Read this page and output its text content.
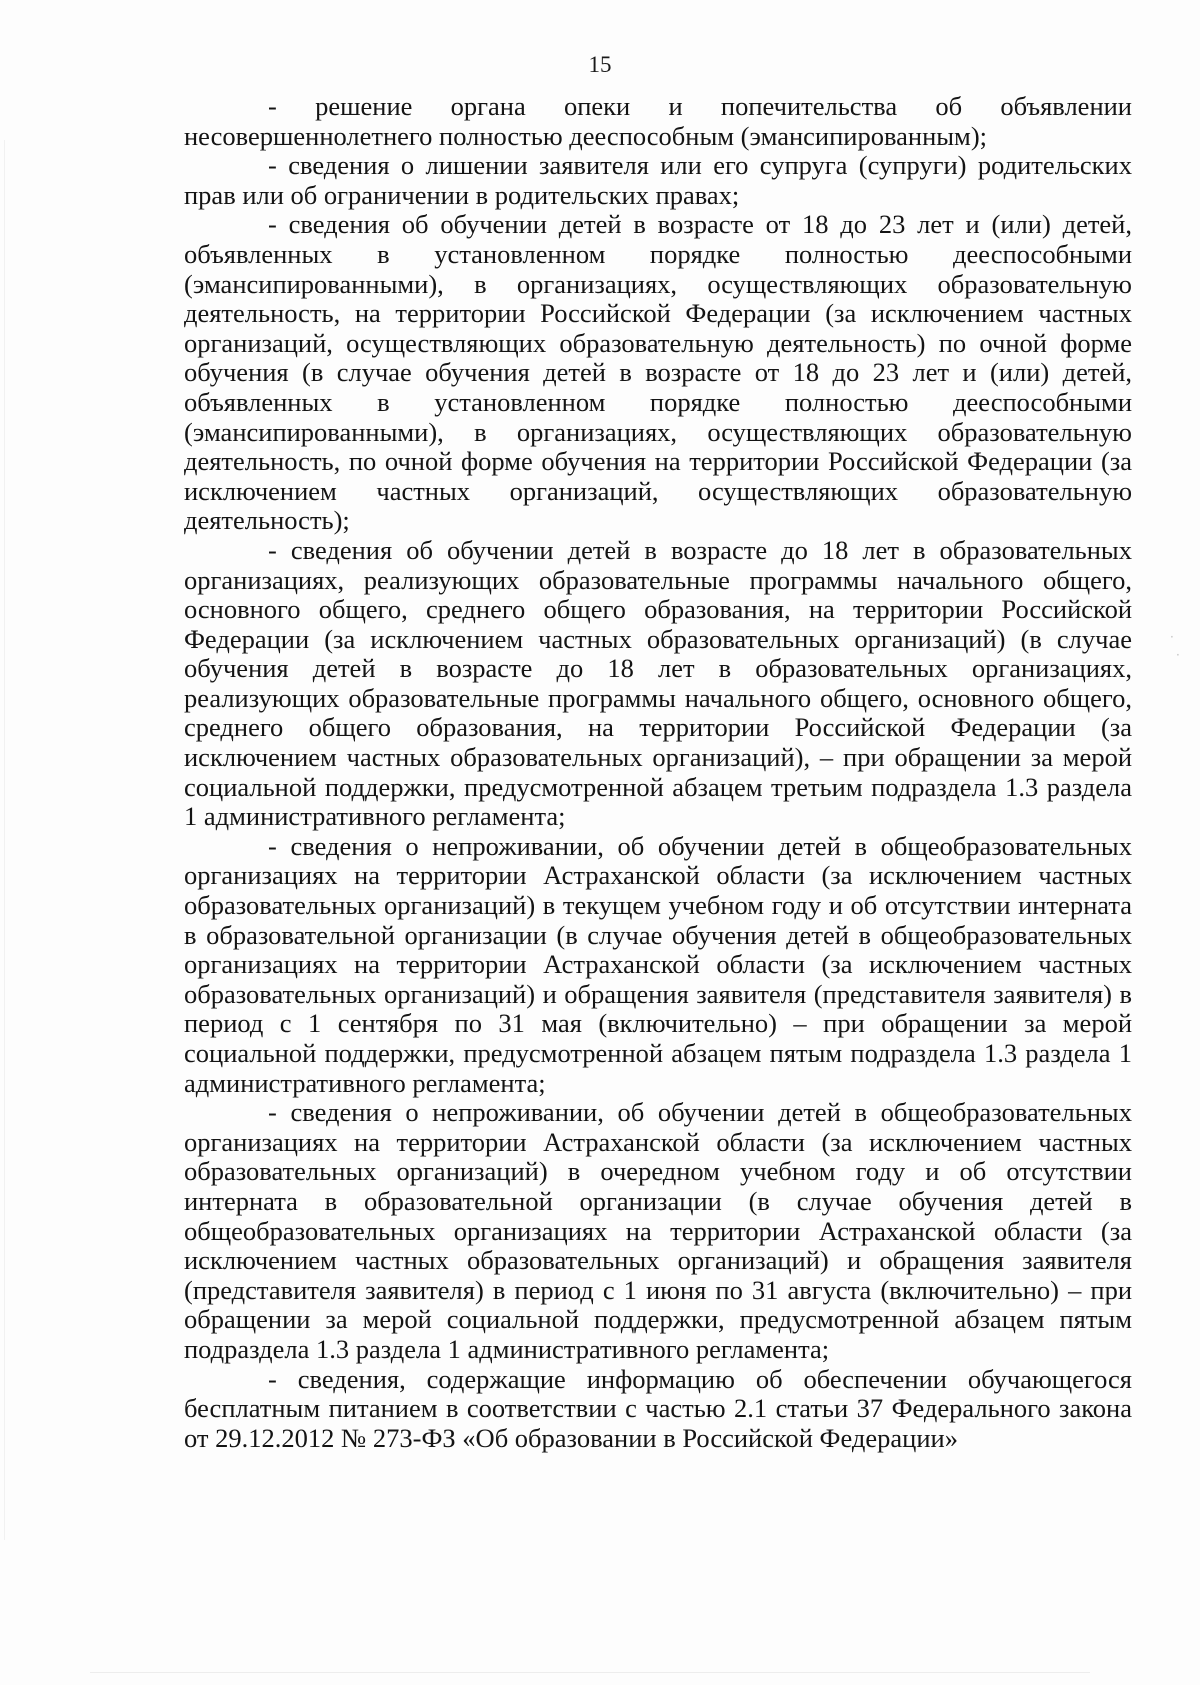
·
·
15

- решение органа опеки и попечительства об объявлении несовершеннолетнего полностью дееспособным (эмансипированным);

- сведения о лишении заявителя или его супруга (супруги) родительских прав или об ограничении в родительских правах;

- сведения об обучении детей в возрасте от 18 до 23 лет и (или) детей, объявленных в установленном порядке полностью дееспособными (эмансипированными), в организациях, осуществляющих образовательную деятельность, на территории Российской Федерации (за исключением частных организаций, осуществляющих образовательную деятельность) по очной форме обучения (в случае обучения детей в возрасте от 18 до 23 лет и (или) детей, объявленных в установленном порядке полностью дееспособными (эмансипированными), в организациях, осуществляющих образовательную деятельность, по очной форме обучения на территории Российской Федерации (за исключением частных организаций, осуществляющих образовательную деятельность);

- сведения об обучении детей в возрасте до 18 лет в образовательных организациях, реализующих образовательные программы начального общего, основного общего, среднего общего образования, на территории Российской Федерации (за исключением частных образовательных организаций) (в случае обучения детей в возрасте до 18 лет в образовательных организациях, реализующих образовательные программы начального общего, основного общего, среднего общего образования, на территории Российской Федерации (за исключением частных образовательных организаций), – при обращении за мерой социальной поддержки, предусмотренной абзацем третьим подраздела 1.3 раздела 1 административного регламента;

- сведения о непроживании, об обучении детей в общеобразовательных организациях на территории Астраханской области (за исключением частных образовательных организаций) в текущем учебном году и об отсутствии интерната в образовательной организации (в случае обучения детей в общеобразовательных организациях на территории Астраханской области (за исключением частных образовательных организаций) и обращения заявителя (представителя заявителя) в период с 1 сентября по 31 мая (включительно) – при обращении за мерой социальной поддержки, предусмотренной абзацем пятым подраздела 1.3 раздела 1 административного регламента;

- сведения о непроживании, об обучении детей в общеобразовательных организациях на территории Астраханской области (за исключением частных образовательных организаций) в очередном учебном году и об отсутствии интерната в образовательной организации (в случае обучения детей в общеобразовательных организациях на территории Астраханской области (за исключением частных образовательных организаций) и обращения заявителя (представителя заявителя) в период с 1 июня по 31 августа (включительно) – при обращении за мерой социальной поддержки, предусмотренной абзацем пятым подраздела 1.3 раздела 1 административного регламента;

- сведения, содержащие информацию об обеспечении обучающегося бесплатным питанием в соответствии с частью 2.1 статьи 37 Федерального закона от 29.12.2012 № 273-ФЗ «Об образовании в Российской Федерации»
